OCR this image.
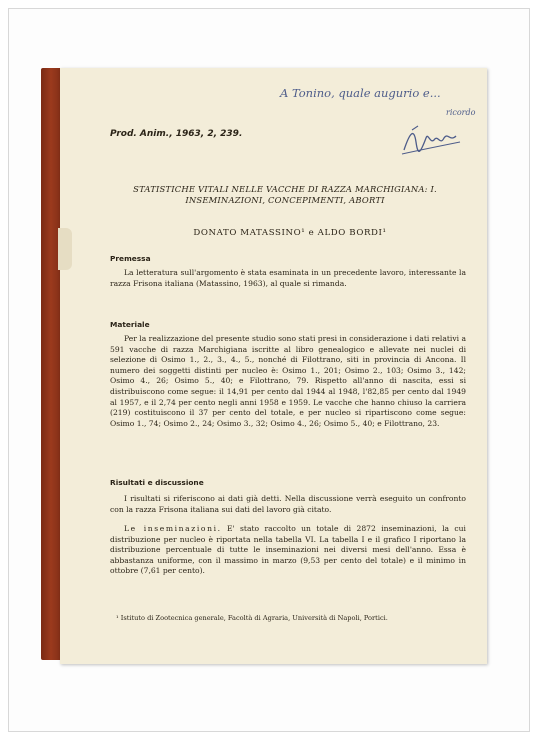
A Tonino, quale augurio e...
ricordo
Prod. Anim., 1963, 2, 239.
STATISTICHE VITALI NELLE VACCHE DI RAZZA MARCHIGIANA: I. INSEMINAZIONI, CONCEPIMENTI, ABORTI
DONATO MATASSINO¹ e ALDO BORDI¹
Premessa
La letteratura sull'argomento è stata esaminata in un precedente lavoro, interessante la razza Frisona italiana (Matassino, 1963), al quale si rimanda.
Materiale
Per la realizzazione del presente studio sono stati presi in considerazione i dati relativi a 591 vacche di razza Marchigiana iscritte al libro genealogico e allevate nei nuclei di selezione di Osimo 1., 2., 3., 4., 5., nonché di Filottrano, siti in provincia di Ancona. Il numero dei soggetti distinti per nucleo è: Osimo 1., 201; Osimo 2., 103; Osimo 3., 142; Osimo 4., 26; Osimo 5., 40; e Filottrano, 79. Rispetto all'anno di nascita, essi si distribuiscono come segue: il 14,91 per cento dal 1944 al 1948, l'82,85 per cento dal 1949 al 1957, e il 2,74 per cento negli anni 1958 e 1959. Le vacche che hanno chiuso la carriera (219) costituiscono il 37 per cento del totale, e per nucleo si ripartiscono come segue: Osimo 1., 74; Osimo 2., 24; Osimo 3., 32; Osimo 4., 26; Osimo 5., 40; e Filottrano, 23.
Risultati e discussione
I risultati si riferiscono ai dati già detti. Nella discussione verrà eseguito un confronto con la razza Frisona italiana sui dati del lavoro già citato.
Le inseminazioni. E' stato raccolto un totale di 2872 inseminazioni, la cui distribuzione per nucleo è riportata nella tabella VI. La tabella I e il grafico I riportano la distribuzione percentuale di tutte le inseminazioni nei diversi mesi dell'anno. Essa è abbastanza uniforme, con il massimo in marzo (9,53 per cento del totale) e il minimo in ottobre (7,61 per cento).
¹ Istituto di Zootecnica generale, Facoltà di Agraria, Università di Napoli, Portici.
